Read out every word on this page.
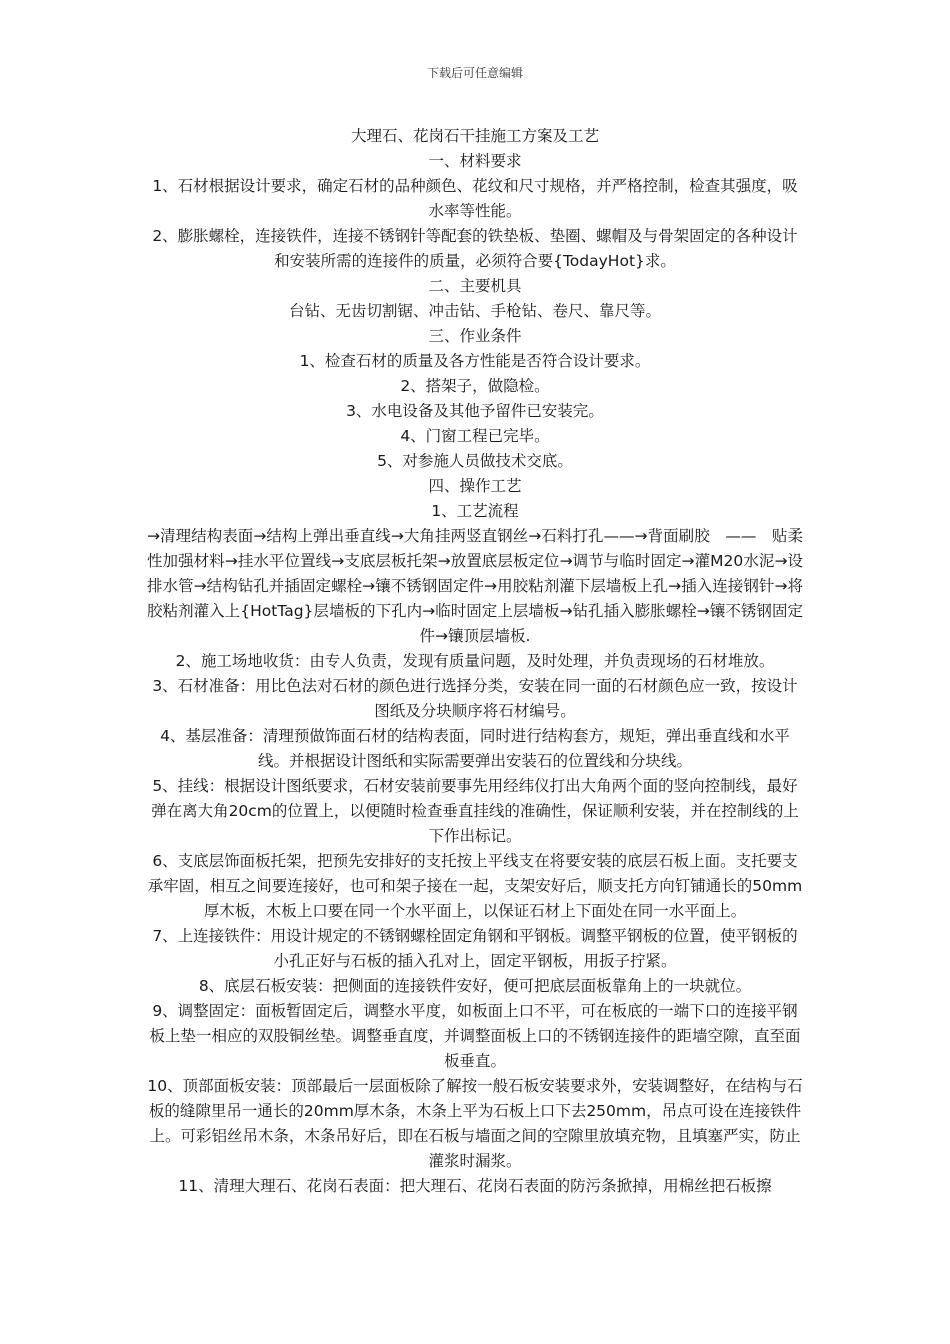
下载后可任意编辑

大理石、花岗石干挂施工方案及工艺

一、材料要求

1、石材根据设计要求，确定石材的品种颜色、花纹和尺寸规格，并严格控制，检查其强度，吸水率等性能。

2、膨胀螺栓，连接铁件，连接不锈钢针等配套的铁垫板、垫圈、螺帽及与骨架固定的各种设计和安装所需的连接件的质量，必须符合要{TodayHot}求。

二、主要机具

台钻、无齿切割锯、冲击钻、手枪钻、卷尺、靠尺等。

三、作业条件

1、检查石材的质量及各方性能是否符合设计要求。

2、搭架子，做隐检。

3、水电设备及其他予留件已安装完。

4、门窗工程已完毕。

5、对参施人员做技术交底。

四、操作工艺

1、工艺流程

→清理结构表面→结构上弹出垂直线→大角挂两竖直钢丝→石料打孔——→背面刷胶　——　贴柔性加强材料→挂水平位置线→支底层板托架→放置底层板定位→调节与临时固定→灌M20水泥→设排水管→结构钻孔并插固定螺栓→镶不锈钢固定件→用胶粘剂灌下层墙板上孔→插入连接钢针→将胶粘剂灌入上{HotTag}层墙板的下孔内→临时固定上层墙板→钻孔插入膨胀螺栓→镶不锈钢固定件→镶顶层墙板.

2、施工场地收货：由专人负责，发现有质量问题，及时处理，并负责现场的石材堆放。

3、石材准备：用比色法对石材的颜色进行选择分类，安装在同一面的石材颜色应一致，按设计图纸及分块顺序将石材编号。

4、基层准备：清理预做饰面石材的结构表面，同时进行结构套方，规矩，弹出垂直线和水平线。并根据设计图纸和实际需要弹出安装石的位置线和分块线。

5、挂线：根据设计图纸要求，石材安装前要事先用经纬仪打出大角两个面的竖向控制线，最好弹在离大角20cm的位置上，以便随时检查垂直挂线的准确性，保证顺利安装，并在控制线的上下作出标记。

6、支底层饰面板托架，把预先安排好的支托按上平线支在将要安装的底层石板上面。支托要支承牢固，相互之间要连接好，也可和架子接在一起，支架安好后，顺支托方向钉铺通长的50mm厚木板，木板上口要在同一个水平面上，以保证石材上下面处在同一水平面上。

7、上连接铁件：用设计规定的不锈钢螺栓固定角钢和平钢板。调整平钢板的位置，使平钢板的小孔正好与石板的插入孔对上，固定平钢板，用扳子拧紧。

8、底层石板安装：把侧面的连接铁件安好，便可把底层面板靠角上的一块就位。

9、调整固定：面板暂固定后，调整水平度，如板面上口不平，可在板底的一端下口的连接平钢板上垫一相应的双股铜丝垫。调整垂直度，并调整面板上口的不锈钢连接件的距墙空隙，直至面板垂直。

10、顶部面板安装：顶部最后一层面板除了解按一般石板安装要求外，安装调整好，在结构与石板的缝隙里吊一通长的20mm厚木条，木条上平为石板上口下去250mm，吊点可设在连接铁件上。可彩铝丝吊木条，木条吊好后，即在石板与墙面之间的空隙里放填充物，且填塞严实，防止灌浆时漏浆。

11、清理大理石、花岗石表面：把大理石、花岗石表面的防污条掀掉，用棉丝把石板擦
